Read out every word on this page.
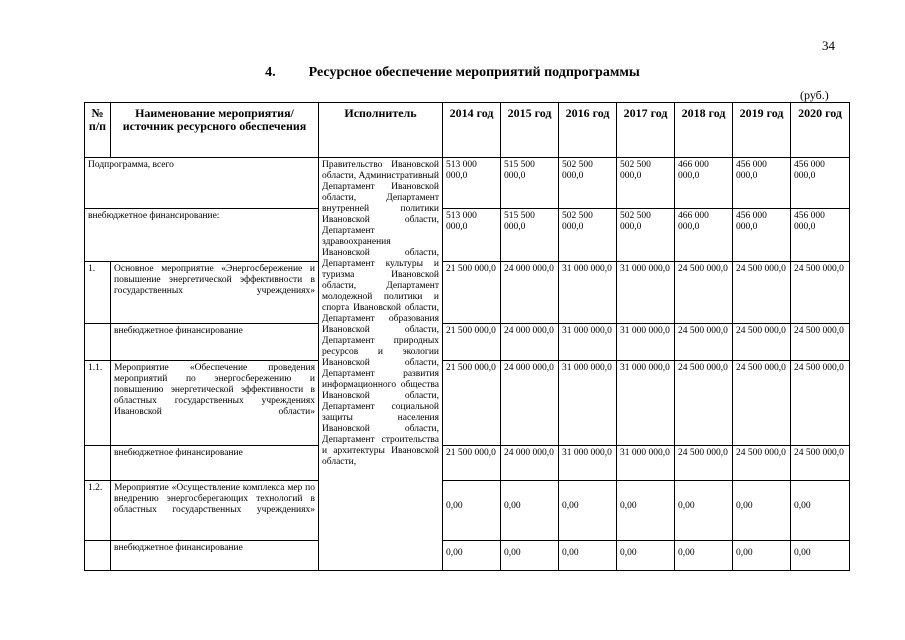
34
4. Ресурсное обеспечение мероприятий подпрограммы
(руб.)
№ п/п	Наименование мероприятия/источник ресурсного обеспечения	Исполнитель	2014 год	2015 год	2016 год	2017 год	2018 год	2019 год	2020 год
Подпрограмма, всего		Правительство Ивановской области, Административный Департамент Ивановской области, Департамент внутренней политики Ивановской области, Департамент здравоохранения Ивановской области, Департамент культуры и туризма Ивановской области, Департамент молодежной политики и спорта Ивановской области, Департамент образования Ивановской области, Департамент природных ресурсов и экологии Ивановской области, Департамент развития информационного общества Ивановской области, Департамент социальной защиты населения Ивановской области, Департамент строительства и архитектуры Ивановской области,	513 000 000,0	515 500 000,0	502 500 000,0	502 500 000,0	466 000 000,0	456 000 000,0	456 000 000,0
внебюджетное финансирование:			513 000 000,0	515 500 000,0	502 500 000,0	502 500 000,0	466 000 000,0	456 000 000,0	456 000 000,0
1.	Основное мероприятие «Энергосбережение и повышение энергетической эффективности в государственных учреждениях»		21 500 000,0	24 000 000,0	31 000 000,0	31 000 000,0	24 500 000,0	24 500 000,0	24 500 000,0
	внебюджетное финансирование		21 500 000,0	24 000 000,0	31 000 000,0	31 000 000,0	24 500 000,0	24 500 000,0	24 500 000,0
1.1.	Мероприятие «Обеспечение проведения мероприятий по энергосбережению и повышению энергетической эффективности в областных государственных учреждениях Ивановской области»		21 500 000,0	24 000 000,0	31 000 000,0	31 000 000,0	24 500 000,0	24 500 000,0	24 500 000,0
	внебюджетное финансирование		21 500 000,0	24 000 000,0	31 000 000,0	31 000 000,0	24 500 000,0	24 500 000,0	24 500 000,0
1.2.	Мероприятие «Осуществление комплекса мер по внедрению энергосберегающих технологий в областных государственных учреждениях»		0,00	0,00	0,00	0,00	0,00	0,00	0,00
	внебюджетное финансирование		0,00	0,00	0,00	0,00	0,00	0,00	0,00
